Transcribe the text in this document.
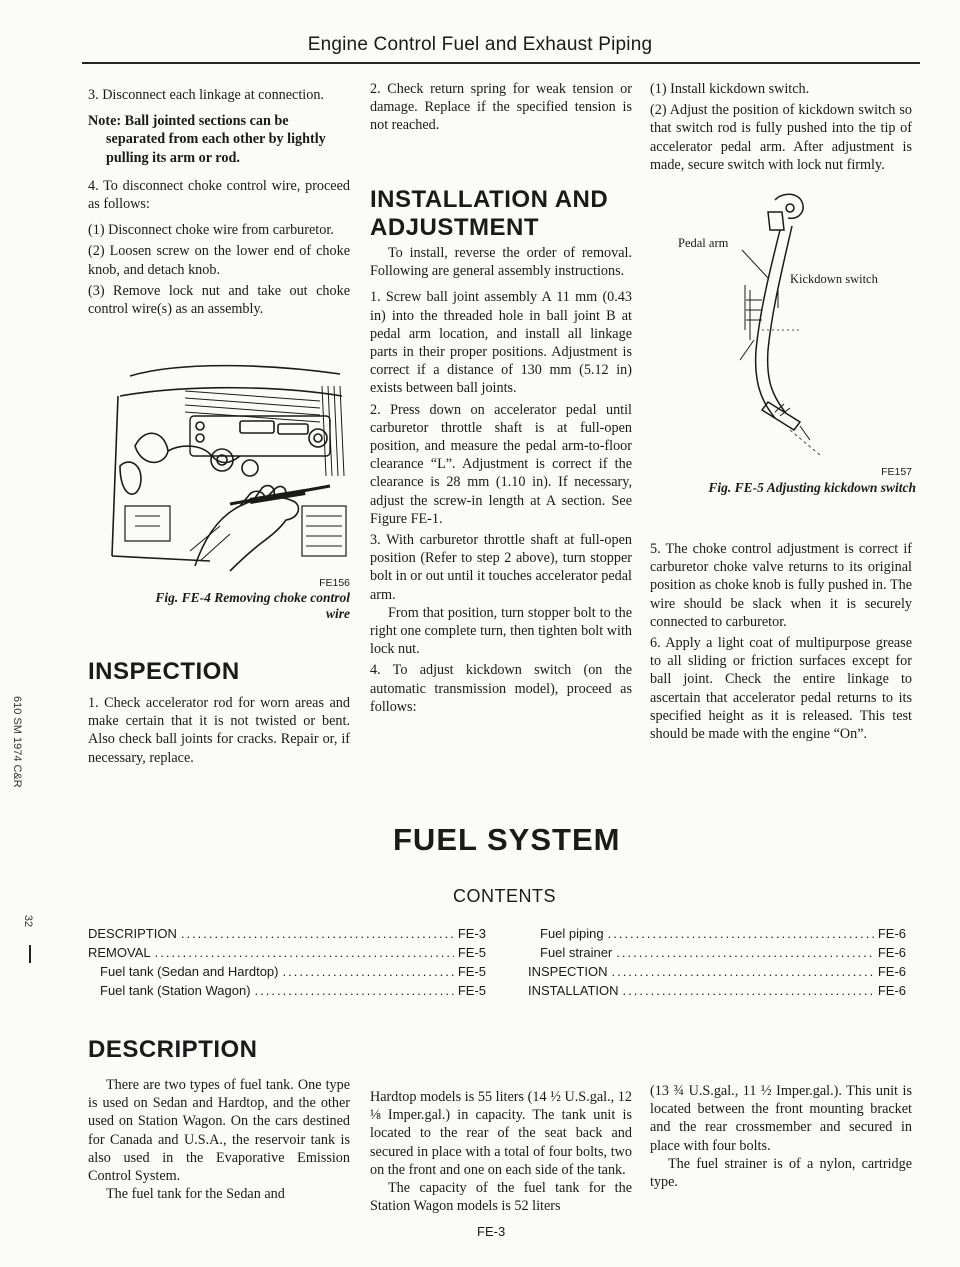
Engine Control Fuel and Exhaust Piping
610 SM 1974 C&R
32

3. Disconnect each linkage at connection.

Note: Ball jointed sections can be
separated from each other by lightly pulling its arm or rod.

4. To disconnect choke control wire, proceed as follows:

(1) Disconnect choke wire from carburetor.

(2) Loosen screw on the lower end of choke knob, and detach knob.

(3) Remove lock nut and take out choke control wire(s) as an assembly.

FE156
Fig. FE-4 Removing choke control
wire
INSPECTION

1. Check accelerator rod for worn areas and make certain that it is not twisted or bent. Also check ball joints for cracks. Repair or, if necessary, replace.

2. Check return spring for weak tension or damage. Replace if the specified tension is not reached.

INSTALLATION AND
ADJUSTMENT

To install, reverse the order of removal. Following are general assembly instructions.

1. Screw ball joint assembly A 11 mm (0.43 in) into the threaded hole in ball joint B at pedal arm location, and install all linkage parts in their proper positions. Adjustment is correct if a distance of 130 mm (5.12 in) exists between ball joints.

2. Press down on accelerator pedal until carburetor throttle shaft is at full-open position, and measure the pedal arm-to-floor clearance “L”. Adjustment is correct if the clearance is 28 mm (1.10 in). If necessary, adjust the screw-in length at A section. See Figure FE-1.

3. With carburetor throttle shaft at full-open position (Refer to step 2 above), turn stopper bolt in or out until it touches accelerator pedal arm.

From that position, turn stopper bolt to the right one complete turn, then tighten bolt with lock nut.

4. To adjust kickdown switch (on the automatic transmission model), proceed as follows:

(1) Install kickdown switch.

(2) Adjust the position of kickdown switch so that switch rod is fully pushed into the tip of accelerator pedal arm. After adjustment is made, secure switch with lock nut firmly.

Pedal arm
Kickdown switch
FE157
Fig. FE-5 Adjusting kickdown switch

5. The choke control adjustment is correct if carburetor choke valve returns to its original position as choke knob is fully pushed in. The wire should be slack when it is securely connected to carburetor.

6. Apply a light coat of multipurpose grease to all sliding or friction surfaces except for ball joint. Check the entire linkage to ascertain that accelerator pedal returns to its specified height as it is released. This test should be made with the engine “On”.

FUEL SYSTEM
CONTENTS
DESCRIPTION .....	FE-3
REMOVAL .....	FE-5
Fuel tank (Sedan and Hardtop) .....	FE-5
Fuel tank (Station Wagon) .....	FE-5
Fuel piping .....	FE-6
Fuel strainer .....	FE-6
INSPECTION .....	FE-6
INSTALLATION .....	FE-6
DESCRIPTION

There are two types of fuel tank. One type is used on Sedan and Hardtop, and the other used on Station Wagon. On the cars destined for Canada and U.S.A., the reservoir tank is also used in the Evaporative Emission Control System.

The fuel tank for the Sedan and

Hardtop models is 55 liters (14 ½ U.S.gal., 12 ⅛ Imper.gal.) in capacity. The tank unit is located to the rear of the seat back and secured in place with a total of four bolts, two on the front and one on each side of the tank.

The capacity of the fuel tank for the Station Wagon models is 52 liters

(13 ¾ U.S.gal., 11 ½ Imper.gal.). This unit is located between the front mounting bracket and the rear crossmember and secured in place with four bolts.

The fuel strainer is of a nylon, cartridge type.

FE-3
